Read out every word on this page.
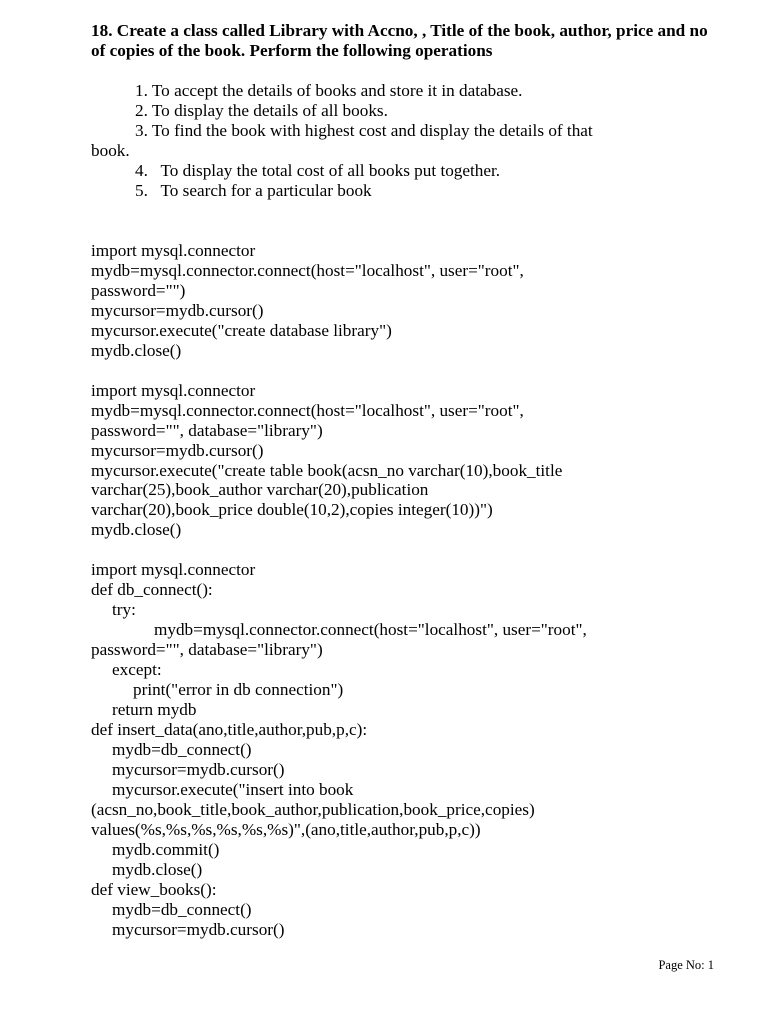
18. Create a class called Library with Accno, , Title of the book, author, price and no of copies of the book. Perform the following operations

1. To accept the details of books and store it in database.
2. To display the details of all books.
3. To find the book with highest cost and display the details of that
book.
4.   To display the total cost of all books put together.
5.   To search for a particular book
import mysql.connector
mydb=mysql.connector.connect(host="localhost", user="root",
password="")
mycursor=mydb.cursor()
mycursor.execute("create database library")
mydb.close()
import mysql.connector
mydb=mysql.connector.connect(host="localhost", user="root",
password="", database="library")
mycursor=mydb.cursor()
mycursor.execute("create table book(acsn_no varchar(10),book_title
varchar(25),book_author varchar(20),publication
varchar(20),book_price double(10,2),copies integer(10))")
mydb.close()
import mysql.connector
def db_connect():
try:
mydb=mysql.connector.connect(host="localhost", user="root",
password="", database="library")
except:
print("error in db connection")
return mydb
def insert_data(ano,title,author,pub,p,c):
mydb=db_connect()
mycursor=mydb.cursor()
mycursor.execute("insert into book
(acsn_no,book_title,book_author,publication,book_price,copies)
values(%s,%s,%s,%s,%s,%s)",(ano,title,author,pub,p,c))
mydb.commit()
mydb.close()
def view_books():
mydb=db_connect()
mycursor=mydb.cursor()
Page No: 1
